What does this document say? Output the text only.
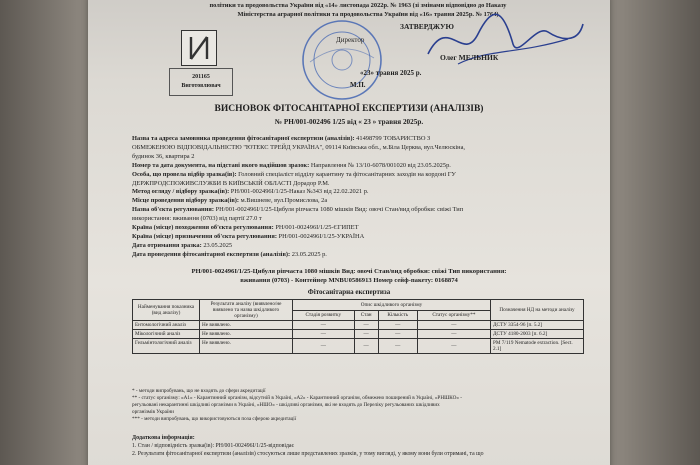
політики та продовольства України від «14» листопада 2022р. № 1963 (зі змінами відповідно до Наказу
Міністерства аграрної політики та продовольства України від «16» травня 2025р. № 1764)
201165
Виготовлювач
ЗАТВЕРДЖУЮ
Директор
Олег МЕЛЬНИК
«23» травня 2025 р.
М.П.
ВИСНОВОК ФІТОСАНІТАРНОЇ ЕКСПЕРТИЗИ (АНАЛІЗІВ)
№ PH/001-002496 1/25 від « 23 » травня 2025р.
Назва та адреса замовника проведення фітосанітарної експертизи (аналізів): 41498799 ТОВАРИСТВО З
ОБМЕЖЕНОЮ ВІДПОВІДАЛЬНІСТЮ "ЮТЕКС ТРЕЙД УКРАЇНА", 09114 Київська обл., м.Біла Церква, вул.Челюскіна,
будинок 36, квартира 2
Номер та дата документа, на підставі якого надійшов зразок: Направлення № 13/10-6078/001020 від 23.05.2025р.
Особа, що провела відбір зразка(ів): Головний спеціаліст відділу карантину та фітосанітарних заходів на кордоні ГУ
ДЕРЖПРОДСПОЖИВСЛУЖБИ В КИЇВСЬКІЙ ОБЛАСТІ Дорадор Р.М.
Метод огляду / відбору зразка(ів): PH/001-002496I/1/25-Наказ №343 від 22.02.2021 р.
Місце проведення відбору зразка(ів): м.Вишневе, вул.Промислова, 2а
Назва об'єкта регулювання: PH/001-002496I/1/25-Цибуля ріпчаста 1080 мішків Вид: овочі Стан/вид обробки: свіжі Тип
використання: вживання (0703) від партії 27.0 т
Країна (місце) походження об'єкта регулювання: PH/001-002496I/1/25-ЄГИПЕТ
Країна (місце) призначення об'єкта регулювання: PH/001-002496I/1/25-УКРАЇНА
Дата отримання зразка: 23.05.2025
Дата проведення фітосанітарної експертизи (аналізів): 23.05.2025 р.
PH/001-002496I/1/25-Цибуля ріпчаста 1080 мішків Вид: овочі Стан/вид обробки: свіжі Тип використання:
вживання (0703) - Контейнер MNBU0586913 Номер сейф-пакету: 0168874
Фітосанітарна експертиза
Найменування показника (вид аналізу)	Результати аналізу (виявлено/не виявлено та назва шкідливого організму)	Опис шкідливого організму				Позначення НД на методи аналізу
		Стадія розвитку	Стан	Кількість	Статус організму**	
Ентомологічний аналіз	Не виявлено.	—	—	—	—	ДСТУ 3354-96 [п. 5.2]
Мікологічний аналіз	Не виявлено.	—	—	—	—	ДСТУ 4180-2003 [п. 6.2]
Гельмінтологічний аналіз	Не виявлено.	—	—	—	—	PM 7/119 Nematode extraction. [Sect. 2.1]
* - методи випробувань, що не входять до сфери акредитації
** - статус організму: «А1» - Карантинний організм, відсутній в Україні, «А2» - Карантинний організм, обмежено поширений в Україні, «РНШКО» -
регульовані некарантинні шкідливі організми в Україні, «НШО» - шкідливі організми, які не входять до Переліку регульованих шкідливих
організмів України
*** - методи випробувань, що використовуються поза сферою акредитації
Додаткова інформація:
1. Стан / відповідність зразка(ів): PH/001-002496I/1/25-відповідає
2. Результати фітосанітарної експертизи (аналізів) стосуються лише представлених зразків, у тому вигляді, у якому вони були отримані, та що
